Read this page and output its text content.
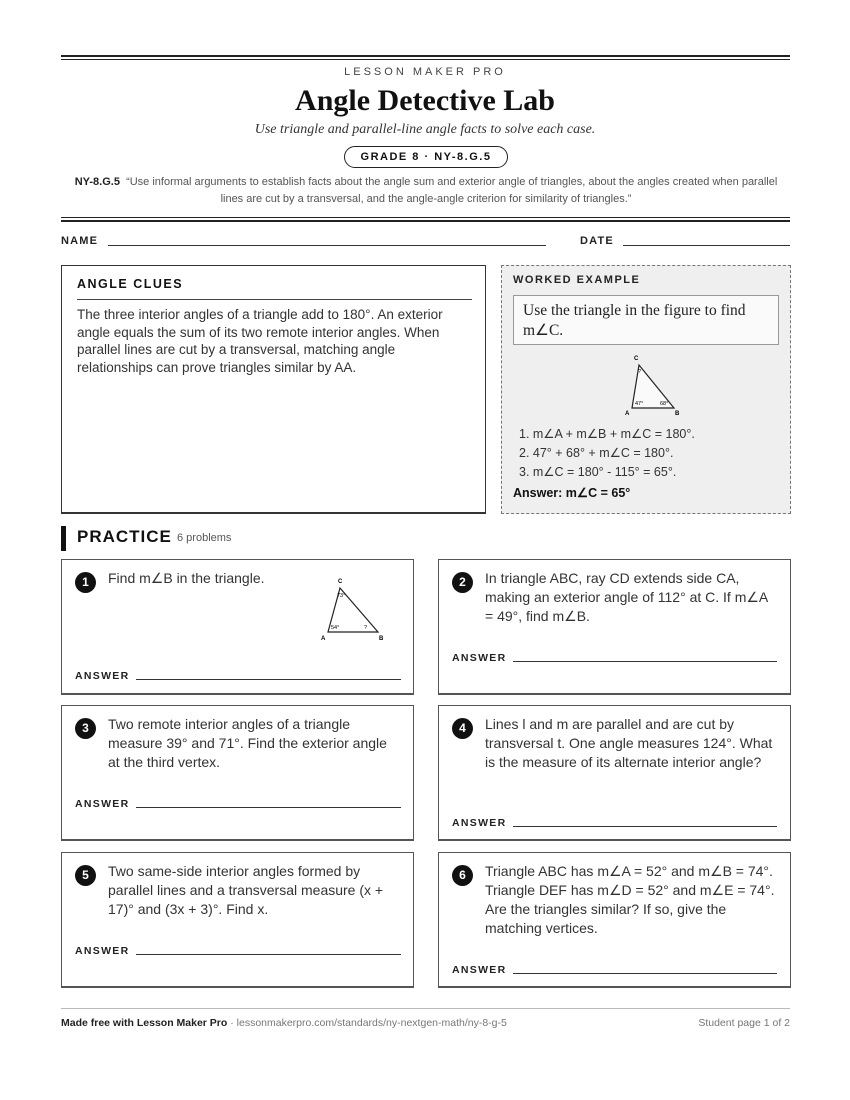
LESSON MAKER PRO
Angle Detective Lab
Use triangle and parallel-line angle facts to solve each case.
GRADE 8 · NY-8.G.5
NY-8.G.5 “Use informal arguments to establish facts about the angle sum and exterior angle of triangles, about the angles created when parallel lines are cut by a transversal, and the angle-angle criterion for similarity of triangles.”
NAME	DATE
ANGLE CLUES
The three interior angles of a triangle add to 180°. An exterior angle equals the sum of its two remote interior angles. When parallel lines are cut by a transversal, matching angle relationships can prove triangles similar by AA.
WORKED EXAMPLE
Use the triangle in the figure to find m∠C.
C
A	B
47°	68°
?
1. m∠A + m∠B + m∠C = 180°.
2. 47° + 68° + m∠C = 180°.
3. m∠C = 180° - 115° = 65°.
Answer: m∠C = 65°
PRACTICE 6 problems
1	Find m∠B in the triangle.	C
A	B
54°	?
73°
ANSWER
2	In triangle ABC, ray CD extends side CA, making an exterior angle of 112° at C. If m∠A = 49°, find m∠B.
ANSWER
3	Two remote interior angles of a triangle measure 39° and 71°. Find the exterior angle at the third vertex.
ANSWER
4	Lines l and m are parallel and are cut by transversal t. One angle measures 124°. What is the measure of its alternate interior angle?
ANSWER
5	Two same-side interior angles formed by parallel lines and a transversal measure (x + 17)° and (3x + 3)°. Find x.
ANSWER
6	Triangle ABC has m∠A = 52° and m∠B = 74°. Triangle DEF has m∠D = 52° and m∠E = 74°. Are the triangles similar? If so, give the matching vertices.
ANSWER
Made free with Lesson Maker Pro · lessonmakerpro.com/standards/ny-nextgen-math/ny-8-g-5	Student page 1 of 2
